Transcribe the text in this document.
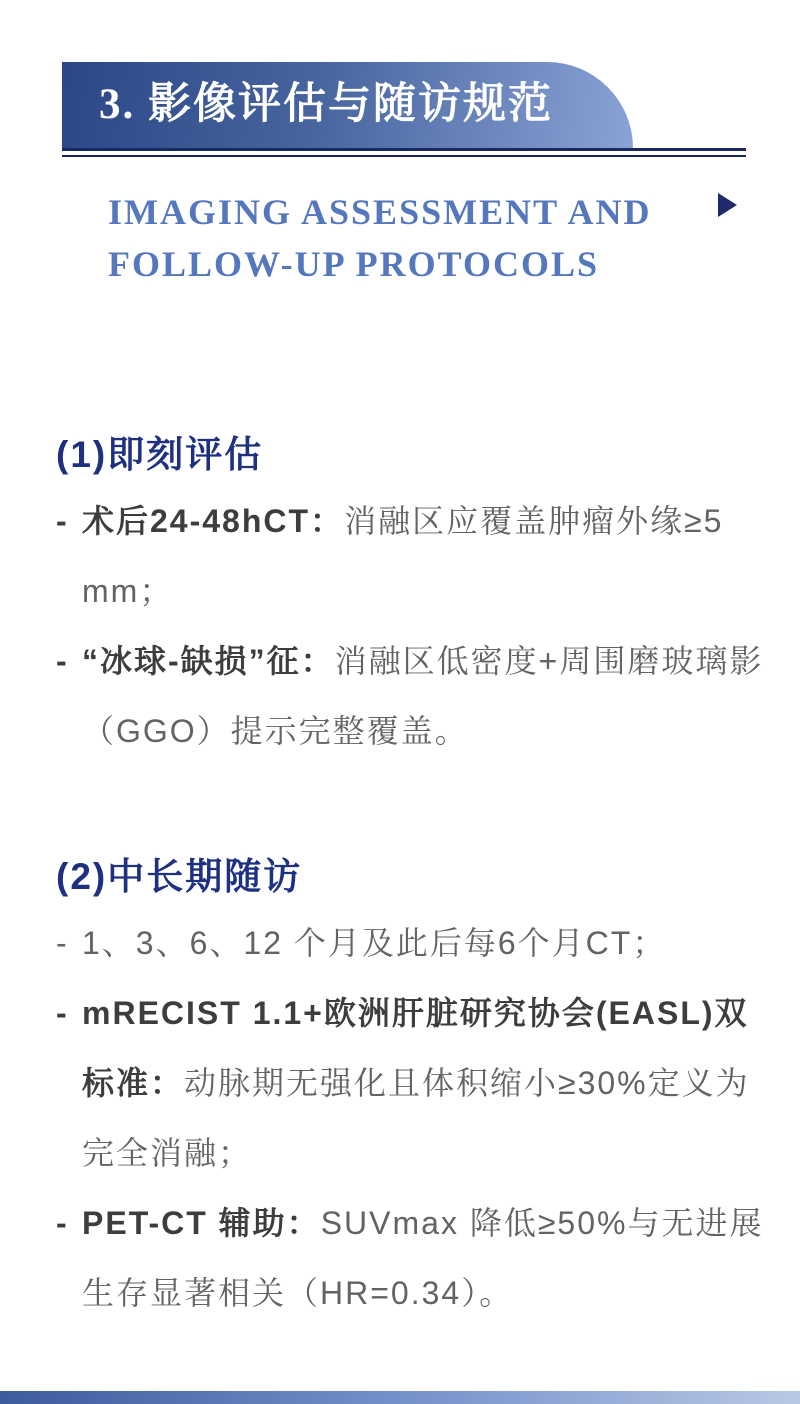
3. 影像评估与随访规范
IMAGING ASSESSMENT AND
FOLLOW-UP PROTOCOLS
(1)即刻评估
- 术后24-48hCT：消融区应覆盖肿瘤外缘≥5 mm；
- “冰球-缺损”征：消融区低密度+周围磨玻璃影（GGO）提示完整覆盖。
(2)中长期随访
- 1、3、6、12 个月及此后每6个月CT；
- mRECIST 1.1+欧洲肝脏研究协会(EASL)双标准：动脉期无强化且体积缩小≥30%定义为完全消融；
- PET-CT 辅助：SUVmax 降低≥50%与无进展生存显著相关（HR=0.34）。
